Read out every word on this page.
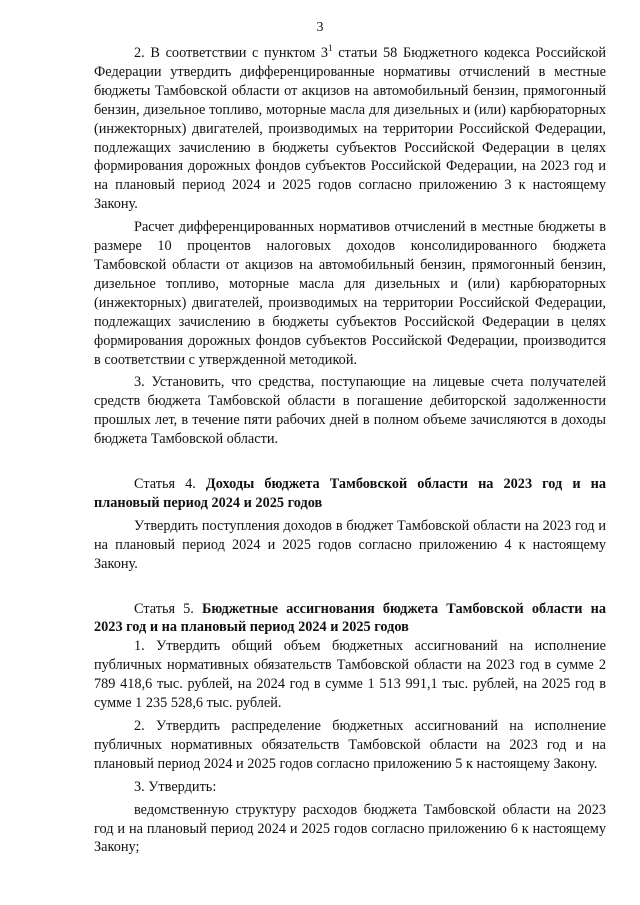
3

2. В соответствии с пунктом $3^1$ статьи 58 Бюджетного кодекса Российской Федерации утвердить дифференцированные нормативы отчислений в местные бюджеты Тамбовской области от акцизов на автомобильный бензин, прямогонный бензин, дизельное топливо, моторные масла для дизельных и (или) карбюраторных (инжекторных) двигателей, производимых на территории Российской Федерации, подлежащих зачислению в бюджеты субъектов Российской Федерации в целях формирования дорожных фондов субъектов Российской Федерации, на 2023 год и на плановый период 2024 и 2025 годов согласно приложению 3 к настоящему Закону.

Расчет дифференцированных нормативов отчислений в местные бюджеты в размере 10 процентов налоговых доходов консолидированного бюджета Тамбовской области от акцизов на автомобильный бензин, прямогонный бензин, дизельное топливо, моторные масла для дизельных и (или) карбюраторных (инжекторных) двигателей, производимых на территории Российской Федерации, подлежащих зачислению в бюджеты субъектов Российской Федерации в целях формирования дорожных фондов субъектов Российской Федерации, производится в соответствии с утвержденной методикой.

3. Установить, что средства, поступающие на лицевые счета получателей средств бюджета Тамбовской области в погашение дебиторской задолженности прошлых лет, в течение пяти рабочих дней в полном объеме зачисляются в доходы бюджета Тамбовской области.

Статья 4. Доходы бюджета Тамбовской области на 2023 год и на плановый период 2024 и 2025 годов

Утвердить поступления доходов в бюджет Тамбовской области на 2023 год и на плановый период 2024 и 2025 годов согласно приложению 4 к настоящему Закону.

Статья 5. Бюджетные ассигнования бюджета Тамбовской области на 2023 год и на плановый период 2024 и 2025 годов

1. Утвердить общий объем бюджетных ассигнований на исполнение публичных нормативных обязательств Тамбовской области на 2023 год в сумме 2 789 418,6 тыс. рублей, на 2024 год в сумме 1 513 991,1 тыс. рублей, на 2025 год в сумме 1 235 528,6 тыс. рублей.

2. Утвердить распределение бюджетных ассигнований на исполнение публичных нормативных обязательств Тамбовской области на 2023 год и на плановый период 2024 и 2025 годов согласно приложению 5 к настоящему Закону.

3. Утвердить:

ведомственную структуру расходов бюджета Тамбовской области на 2023 год и на плановый период 2024 и 2025 годов согласно приложению 6 к настоящему Закону;
